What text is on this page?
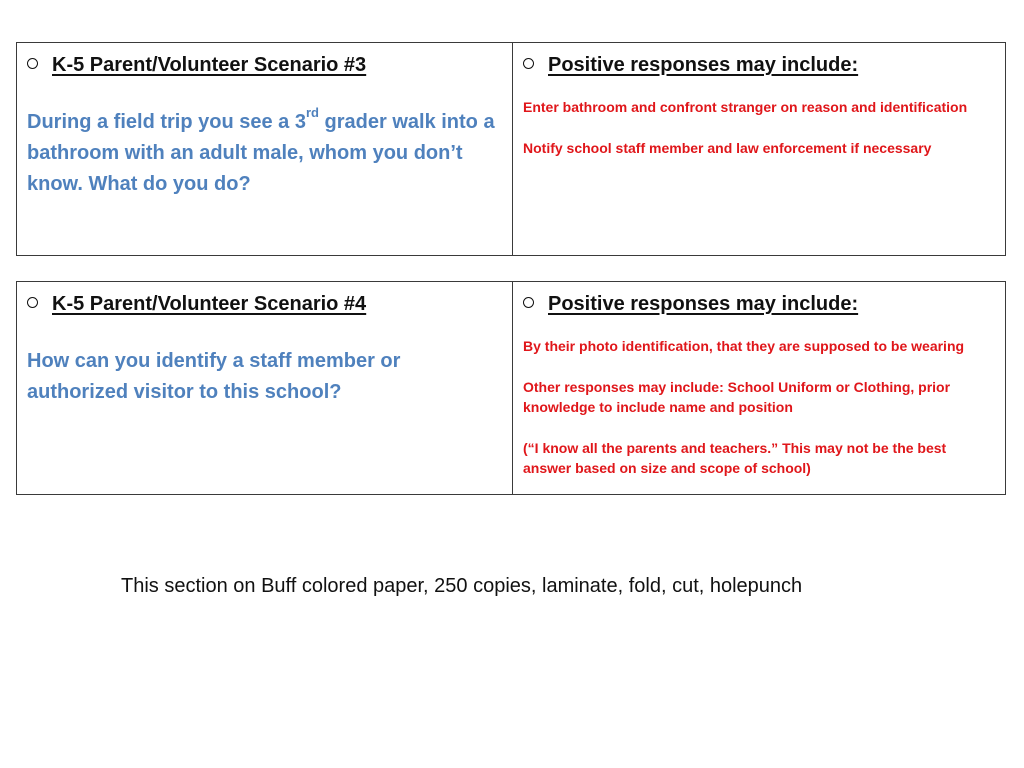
K-5 Parent/Volunteer Scenario #3
During a field trip you see a 3rd grader walk into a bathroom with an adult male, whom you don’t know. What do you do?
Positive responses may include:
Enter bathroom and confront stranger on reason and identification
Notify school staff member and law enforcement if necessary
K-5 Parent/Volunteer Scenario #4
How can you identify a staff member or authorized visitor to this school?
Positive responses may include:
By their photo identification, that they are supposed to be wearing
Other responses may include: School Uniform or Clothing, prior knowledge to include name and position
(“I know all the parents and teachers.” This may not be the best answer based on size and scope of school)
This section on Buff colored paper, 250 copies, laminate, fold, cut, holepunch
